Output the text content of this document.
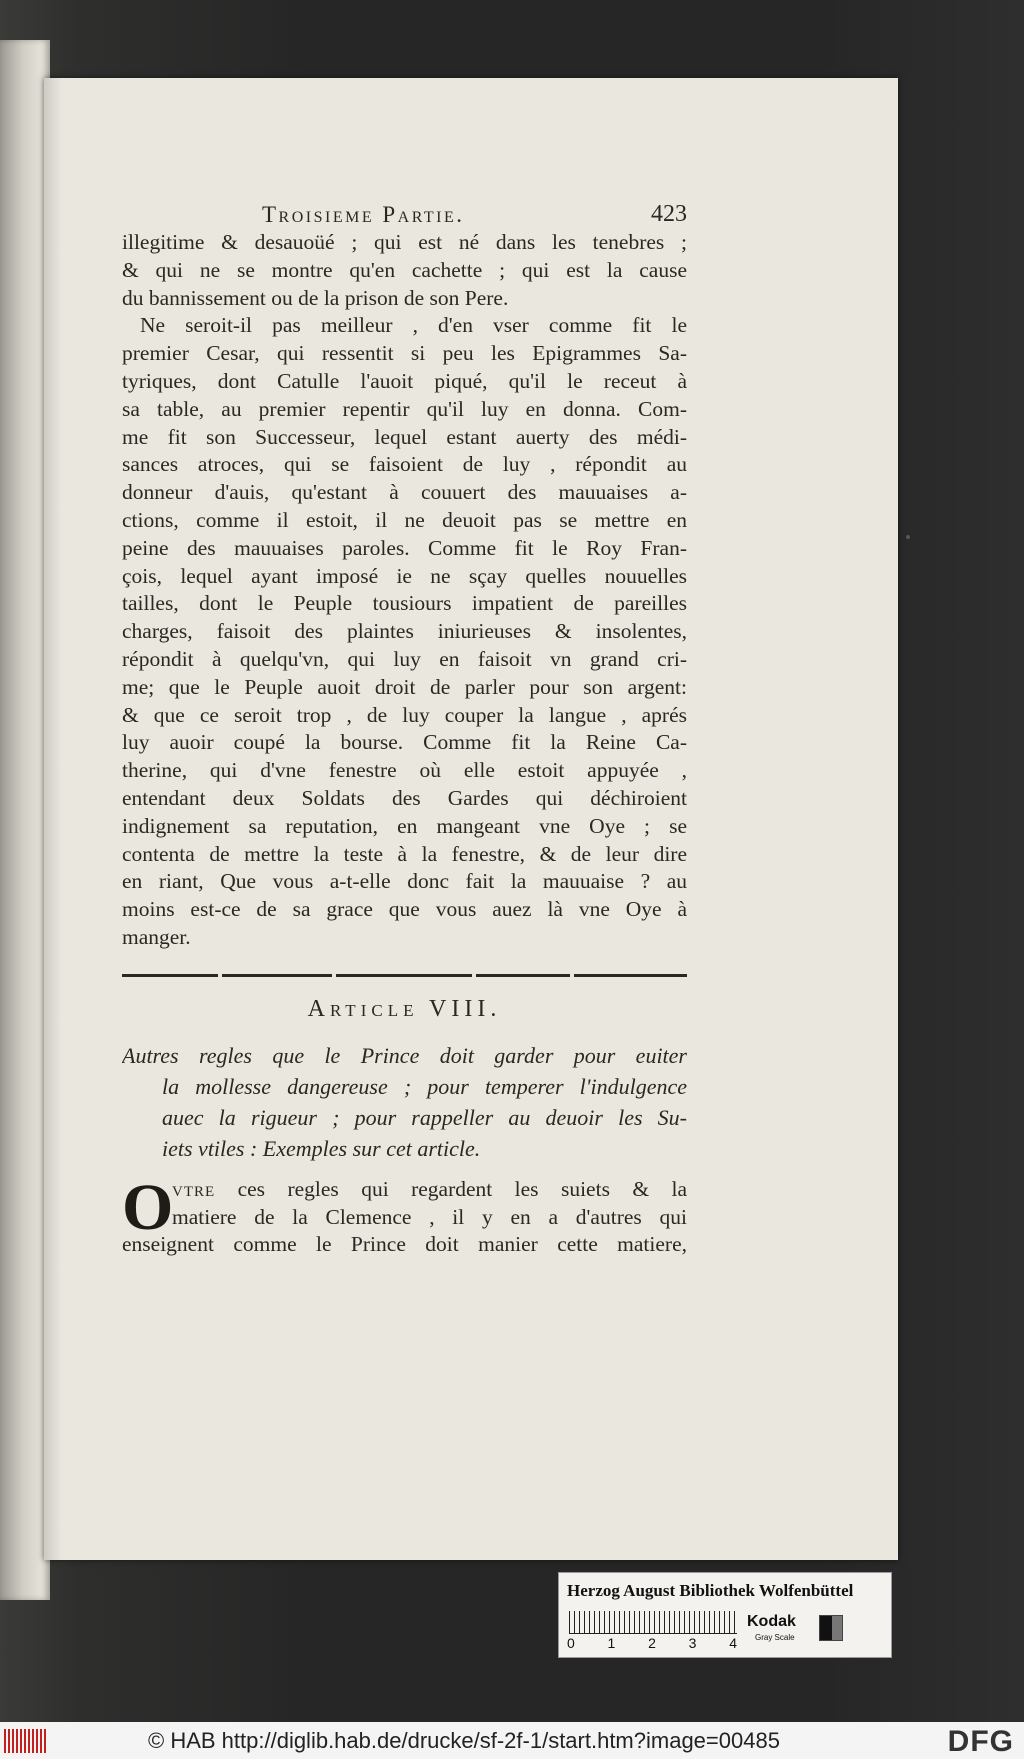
Troisieme Partie.	423
illegitime & desauoüé ; qui est né dans les tenebres ;
& qui ne se montre qu'en cachette ; qui est la cause
du bannissement ou de la prison de son Pere.
Ne seroit-il pas meilleur , d'en vser comme fit le
premier Cesar, qui ressentit si peu les Epigrammes Sa-
tyriques, dont Catulle l'auoit piqué, qu'il le receut à
sa table, au premier repentir qu'il luy en donna. Com-
me fit son Successeur, lequel estant auerty des médi-
sances atroces, qui se faisoient de luy , répondit au
donneur d'auis, qu'estant à couuert des mauuaises a-
ctions, comme il estoit, il ne deuoit pas se mettre en
peine des mauuaises paroles. Comme fit le Roy Fran-
çois, lequel ayant imposé ie ne sçay quelles nouuelles
tailles, dont le Peuple tousiours impatient de pareilles
charges, faisoit des plaintes iniurieuses & insolentes,
répondit à quelqu'vn, qui luy en faisoit vn grand cri-
me; que le Peuple auoit droit de parler pour son argent:
& que ce seroit trop , de luy couper la langue , aprés
luy auoir coupé la bourse. Comme fit la Reine Ca-
therine, qui d'vne fenestre où elle estoit appuyée ,
entendant deux Soldats des Gardes qui déchiroient
indignement sa reputation, en mangeant vne Oye ; se
contenta de mettre la teste à la fenestre, & de leur dire
en riant, Que vous a-t-elle donc fait la mauuaise ? au
moins est-ce de sa grace que vous auez là vne Oye à
manger.
Article VIII.
Autres regles que le Prince doit garder pour euiter
la mollesse dangereuse ; pour temperer l'indulgence
auec la rigueur ; pour rappeller au deuoir les Su-
iets vtiles : Exemples sur cet article.
O
vtre ces regles qui regardent les suiets & la
matiere de la Clemence , il y en a d'autres qui
enseignent comme le Prince doit manier cette matiere,
Herzog August Bibliothek Wolfenbüttel
0 1 2 3 4
Kodak
Gray Scale
© HAB http://diglib.hab.de/drucke/sf-2f-1/start.htm?image=00485	DFG
